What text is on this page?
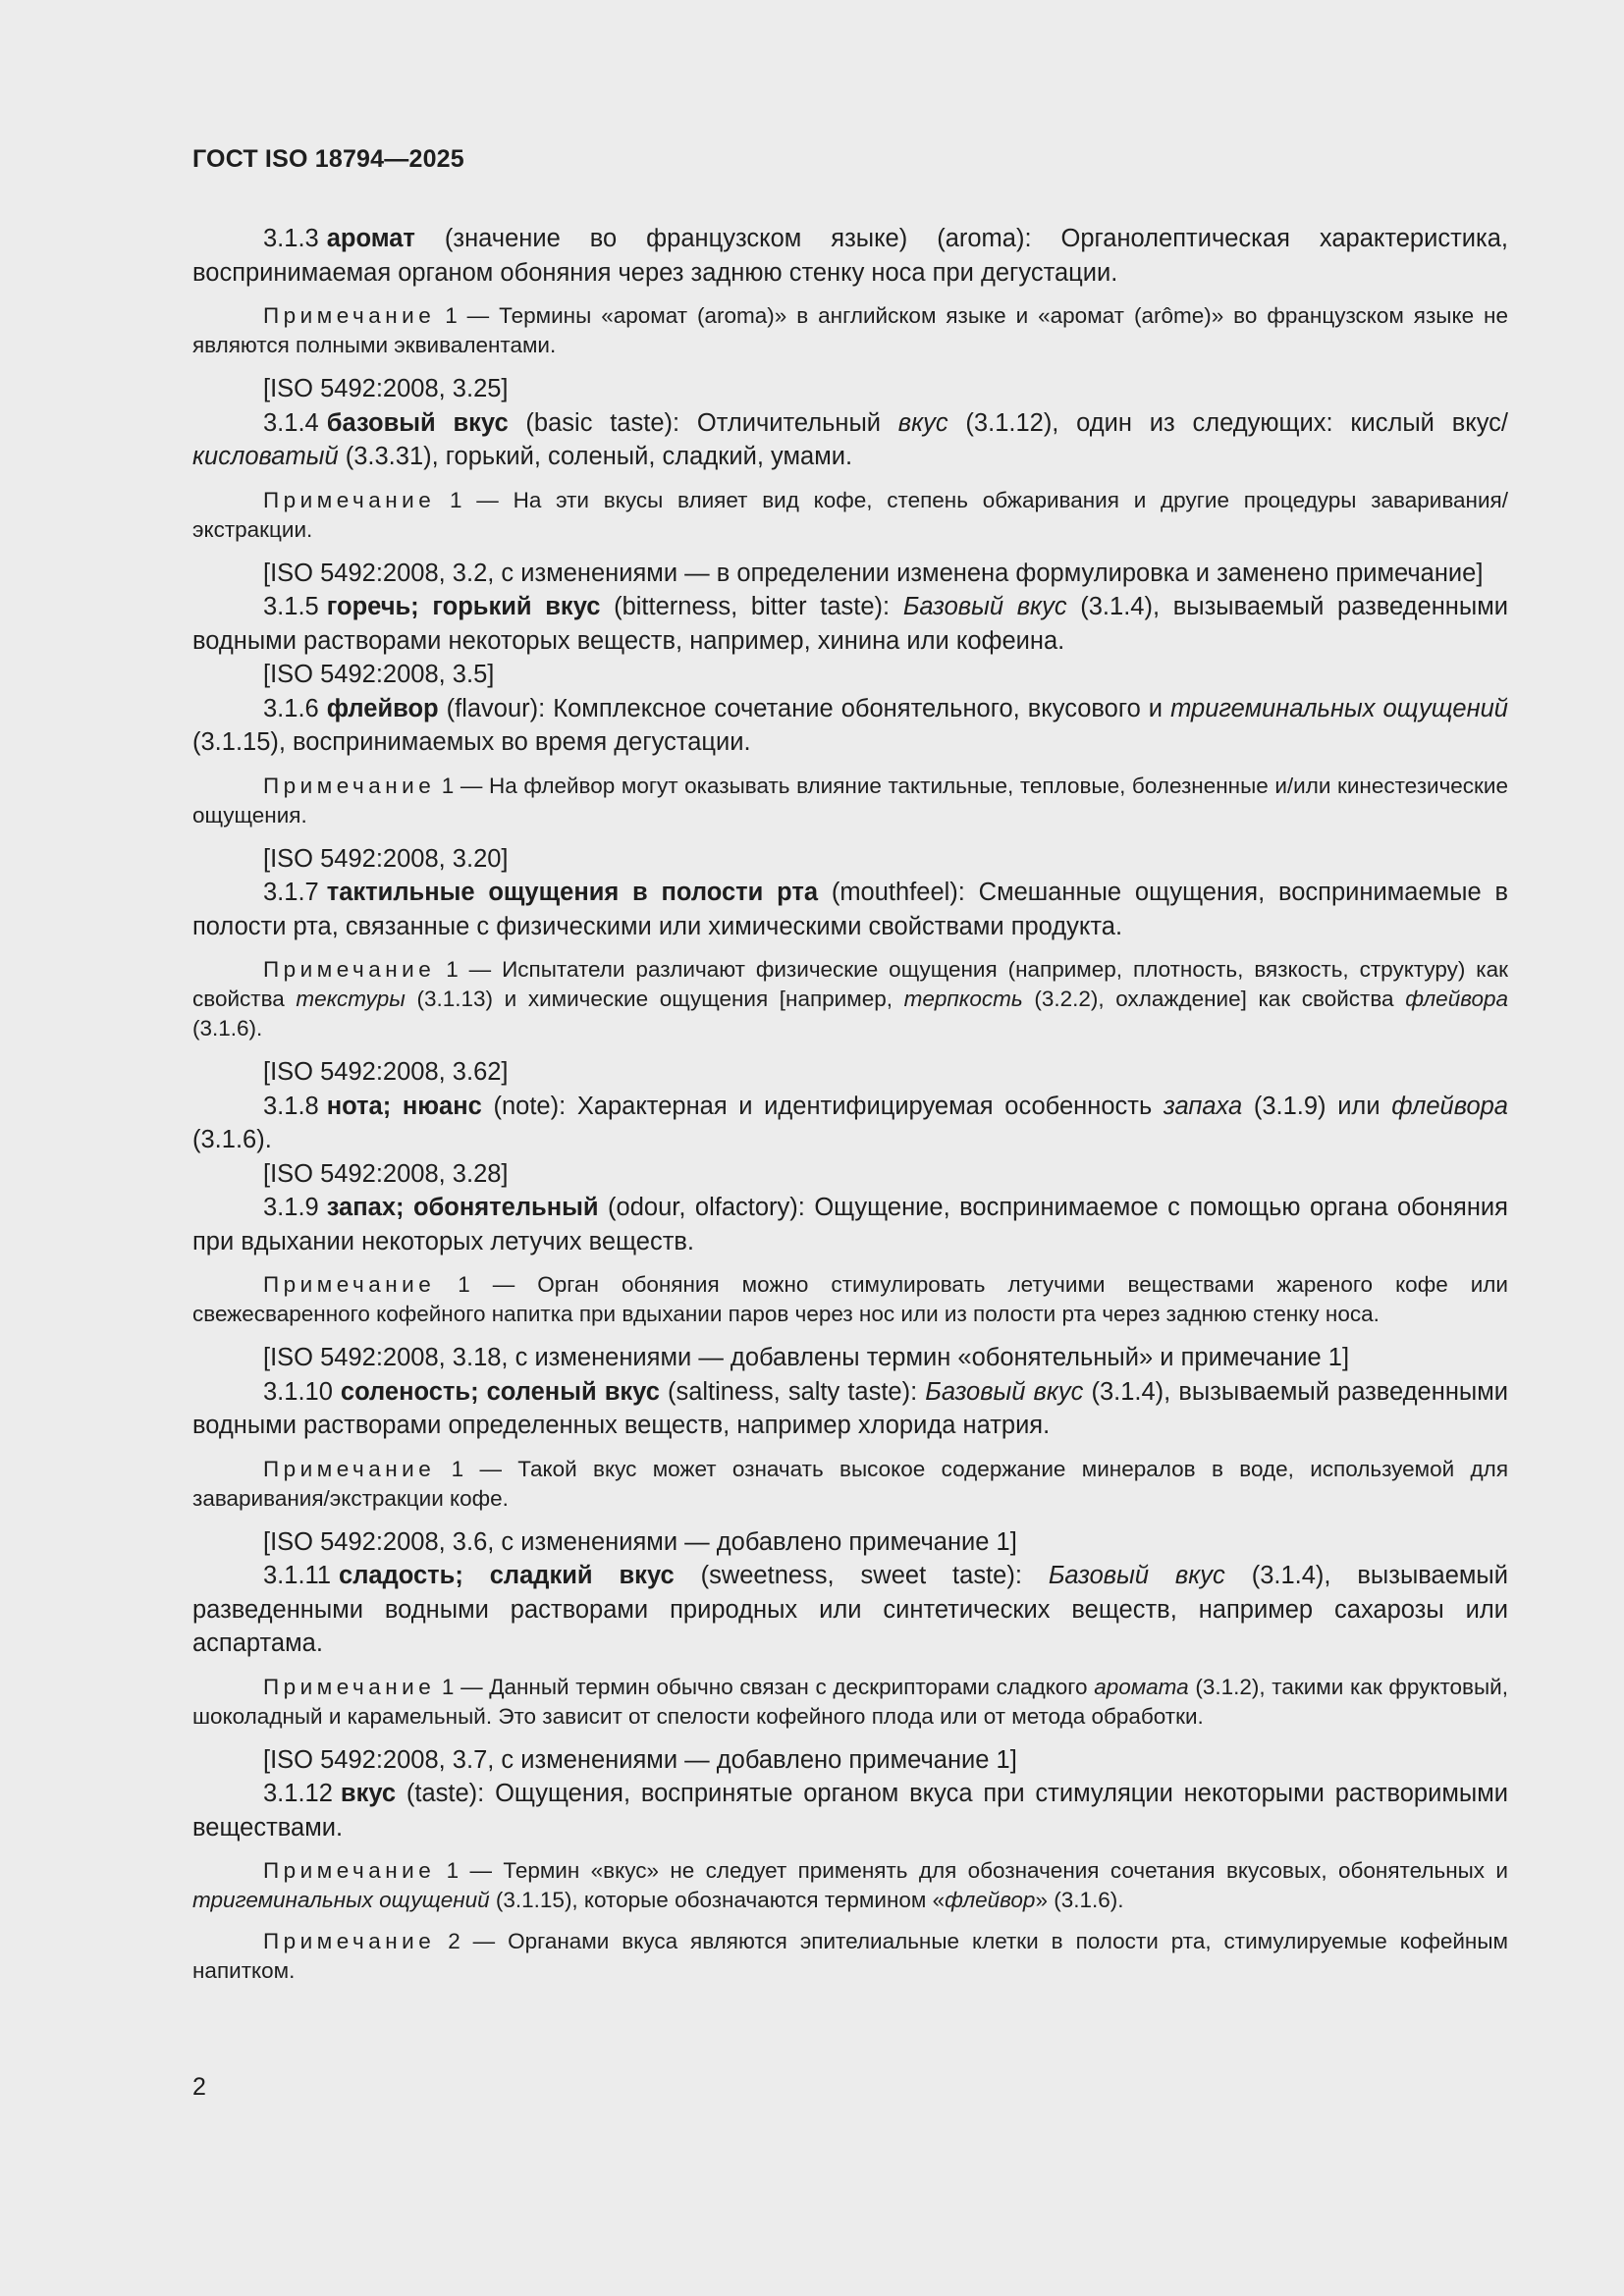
ГОСТ ISO 18794—2025
3.1.3 аромат (значение во французском языке) (aroma): Органолептическая характеристика, воспринимаемая органом обоняния через заднюю стенку носа при дегустации.
Примечание 1 — Термины «аромат (aroma)» в английском языке и «аромат (arôme)» во французском языке не являются полными эквивалентами.
[ISO 5492:2008, 3.25]
3.1.4 базовый вкус (basic taste): Отличительный вкус (3.1.12), один из следующих: кислый вкус/кисловатый (3.3.31), горький, соленый, сладкий, умами.
Примечание 1 — На эти вкусы влияет вид кофе, степень обжаривания и другие процедуры заваривания/экстракции.
[ISO 5492:2008, 3.2, с изменениями — в определении изменена формулировка и заменено примечание]
3.1.5 горечь; горький вкус (bitterness, bitter taste): Базовый вкус (3.1.4), вызываемый разведенными водными растворами некоторых веществ, например, хинина или кофеина.
[ISO 5492:2008, 3.5]
3.1.6 флейвор (flavour): Комплексное сочетание обонятельного, вкусового и тригеминальных ощущений (3.1.15), воспринимаемых во время дегустации.
Примечание 1 — На флейвор могут оказывать влияние тактильные, тепловые, болезненные и/или кинестезические ощущения.
[ISO 5492:2008, 3.20]
3.1.7 тактильные ощущения в полости рта (mouthfeel): Смешанные ощущения, воспринимаемые в полости рта, связанные с физическими или химическими свойствами продукта.
Примечание 1 — Испытатели различают физические ощущения (например, плотность, вязкость, структуру) как свойства текстуры (3.1.13) и химические ощущения [например, терпкость (3.2.2), охлаждение] как свойства флейвора (3.1.6).
[ISO 5492:2008, 3.62]
3.1.8 нота; нюанс (note): Характерная и идентифицируемая особенность запаха (3.1.9) или флейвора (3.1.6).
[ISO 5492:2008, 3.28]
3.1.9 запах; обонятельный (odour, olfactory): Ощущение, воспринимаемое с помощью органа обоняния при вдыхании некоторых летучих веществ.
Примечание 1 — Орган обоняния можно стимулировать летучими веществами жареного кофе или свежесваренного кофейного напитка при вдыхании паров через нос или из полости рта через заднюю стенку носа.
[ISO 5492:2008, 3.18, с изменениями — добавлены термин «обонятельный» и примечание 1]
3.1.10 соленость; соленый вкус (saltiness, salty taste): Базовый вкус (3.1.4), вызываемый разведенными водными растворами определенных веществ, например хлорида натрия.
Примечание 1 — Такой вкус может означать высокое содержание минералов в воде, используемой для заваривания/экстракции кофе.
[ISO 5492:2008, 3.6, с изменениями — добавлено примечание 1]
3.1.11 сладость; сладкий вкус (sweetness, sweet taste): Базовый вкус (3.1.4), вызываемый разведенными водными растворами природных или синтетических веществ, например сахарозы или аспартама.
Примечание 1 — Данный термин обычно связан с дескрипторами сладкого аромата (3.1.2), такими как фруктовый, шоколадный и карамельный. Это зависит от спелости кофейного плода или от метода обработки.
[ISO 5492:2008, 3.7, с изменениями — добавлено примечание 1]
3.1.12 вкус (taste): Ощущения, воспринятые органом вкуса при стимуляции некоторыми растворимыми веществами.
Примечание 1 — Термин «вкус» не следует применять для обозначения сочетания вкусовых, обонятельных и тригеминальных ощущений (3.1.15), которые обозначаются термином «флейвор» (3.1.6).
Примечание 2 — Органами вкуса являются эпителиальные клетки в полости рта, стимулируемые кофейным напитком.
2
